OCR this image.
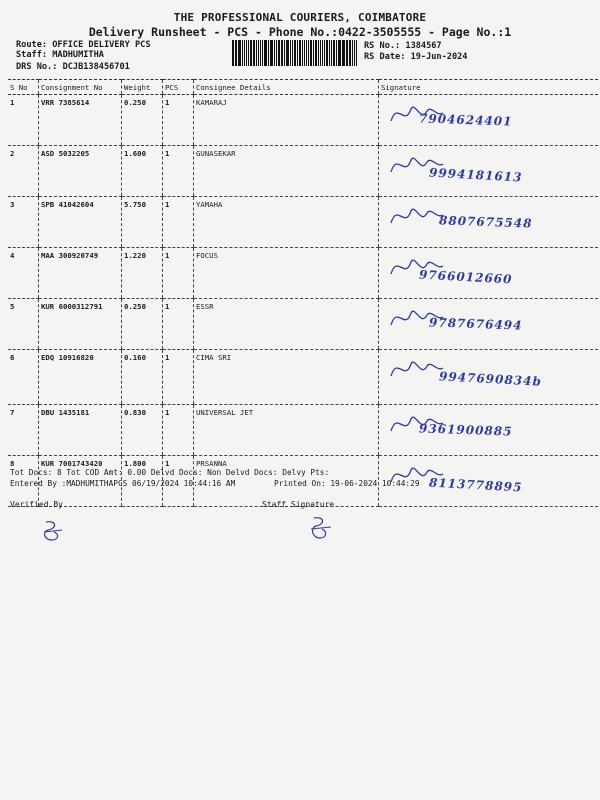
THE PROFESSIONAL COURIERS, COIMBATORE
Delivery Runsheet - PCS - Phone No.:0422-3505555 - Page No.:1
Route: OFFICE DELIVERY PCS
Staff: MADHUMITHA
DRS No.: DCJB138456701
RS No.: 1384567
RS Date: 19-Jun-2024
S No	Consignment No	Weight	PCS	Consignee Details	Signature
1	VRR 7385614	0.250	1	KAMARAJ	7904624401

2	ASD 5032205	1.600	1	GUNASEKAR	9994181613

3	SPB 41042604	5.750	1	YAMAHA	8807675548

4	MAA 300920749	1.220	1	FOCUS	9766012660

5	KUR 6000312791	0.250	1	ESSR	9787676494

6	EDQ 10916820	0.160	1	CIMA SRI	9947690834b

7	DBU 1435181	0.830	1	UNIVERSAL JET	9361900885

8	KUR 7001743420	1.800	1	PRSANNA	8113778895
Tot Docs: 8 Tot COD Amt: 0.00 Delvd Docs: Non Delvd Docs: Delvy Pts:
Entered By :MADHUMITHAPCS 06/19/2024 10:44:16 AM	Printed On: 19-06-2024 10:44:29
Verified By	Staff Signature
